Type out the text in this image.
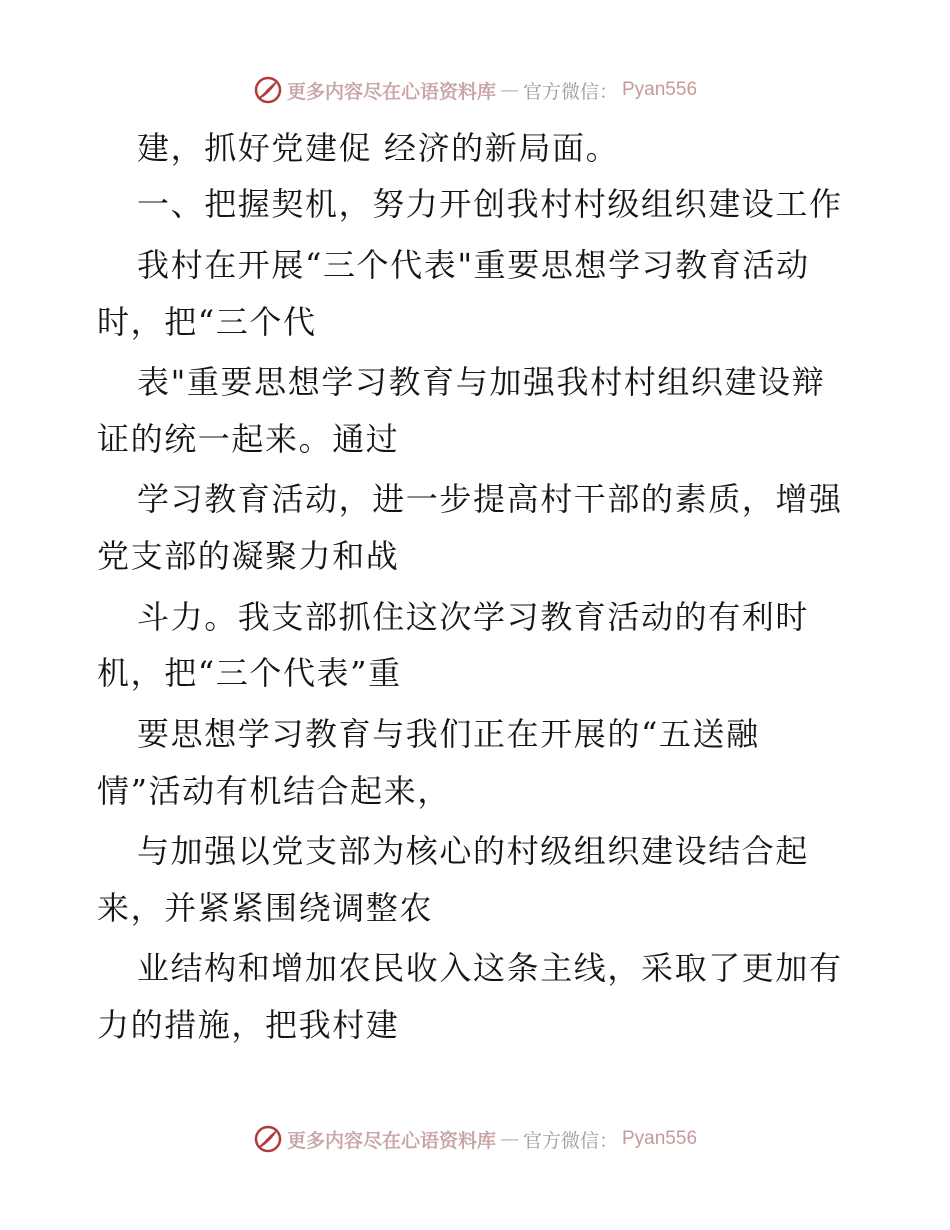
更多内容尽在心语资料库 — 官方微信： Pyan556
建，抓好党建促 经济的新局面。
一、把握契机，努力开创我村村级组织建设工作
我村在开展“三个代表"重要思想学习教育活动
时，把“三个代
表"重要思想学习教育与加强我村村组织建设辩
证的统一起来。通过
学习教育活动，进一步提高村干部的素质，增强
党支部的凝聚力和战
斗力。我支部抓住这次学习教育活动的有利时
机，把“三个代表”重
要思想学习教育与我们正在开展的“五送融
情”活动有机结合起来，
与加强以党支部为核心的村级组织建设结合起
来，并紧紧围绕调整农
业结构和增加农民收入这条主线，采取了更加有
力的措施，把我村建
更多内容尽在心语资料库 — 官方微信： Pyan556
